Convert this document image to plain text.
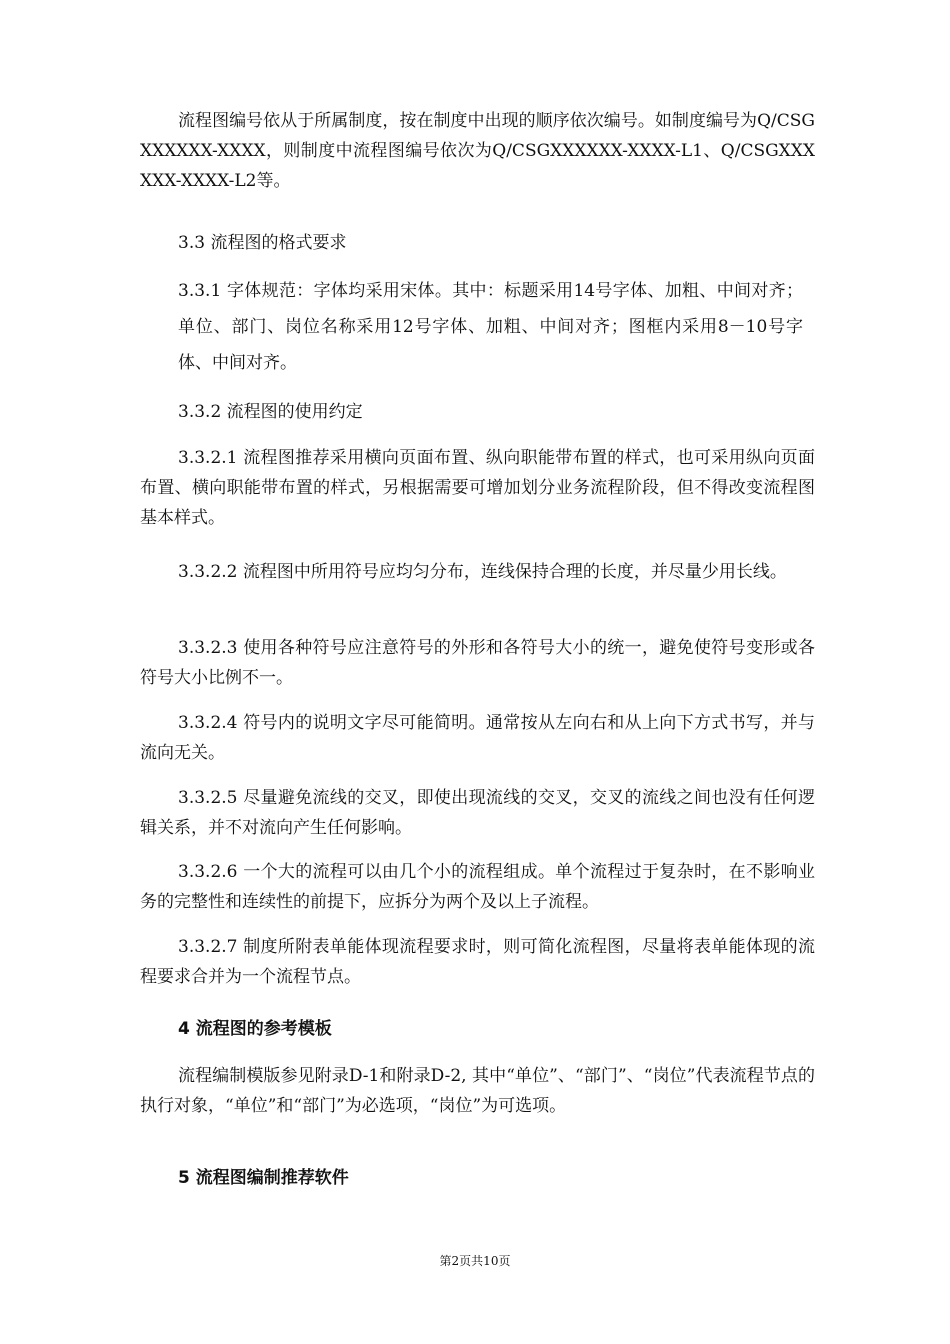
流程图编号依从于所属制度，按在制度中出现的顺序依次编号。如制度编号为Q/CSGXXXXXX-XXXX，则制度中流程图编号依次为Q/CSGXXXXXX-XXXX-L1、Q/CSGXXXXXX-XXXX-L2等。

3.3 流程图的格式要求

3.3.1 字体规范：字体均采用宋体。其中：标题采用14号字体、加粗、中间对齐；单位、部门、岗位名称采用12号字体、加粗、中间对齐；图框内采用8－10号字体、中间对齐。

3.3.2 流程图的使用约定

3.3.2.1 流程图推荐采用横向页面布置、纵向职能带布置的样式，也可采用纵向页面布置、横向职能带布置的样式，另根据需要可增加划分业务流程阶段，但不得改变流程图基本样式。

3.3.2.2 流程图中所用符号应均匀分布，连线保持合理的长度，并尽量少用长线。

3.3.2.3 使用各种符号应注意符号的外形和各符号大小的统一，避免使符号变形或各符号大小比例不一。

3.3.2.4 符号内的说明文字尽可能简明。通常按从左向右和从上向下方式书写，并与流向无关。

3.3.2.5 尽量避免流线的交叉，即使出现流线的交叉，交叉的流线之间也没有任何逻辑关系，并不对流向产生任何影响。

3.3.2.6 一个大的流程可以由几个小的流程组成。单个流程过于复杂时，在不影响业务的完整性和连续性的前提下，应拆分为两个及以上子流程。

3.3.2.7 制度所附表单能体现流程要求时，则可简化流程图，尽量将表单能体现的流程要求合并为一个流程节点。

4 流程图的参考模板

流程编制模版参见附录D-1和附录D-2, 其中“单位”、“部门”、“岗位”代表流程节点的执行对象，“单位”和“部门”为必选项，“岗位”为可选项。

5 流程图编制推荐软件

第2页共10页
